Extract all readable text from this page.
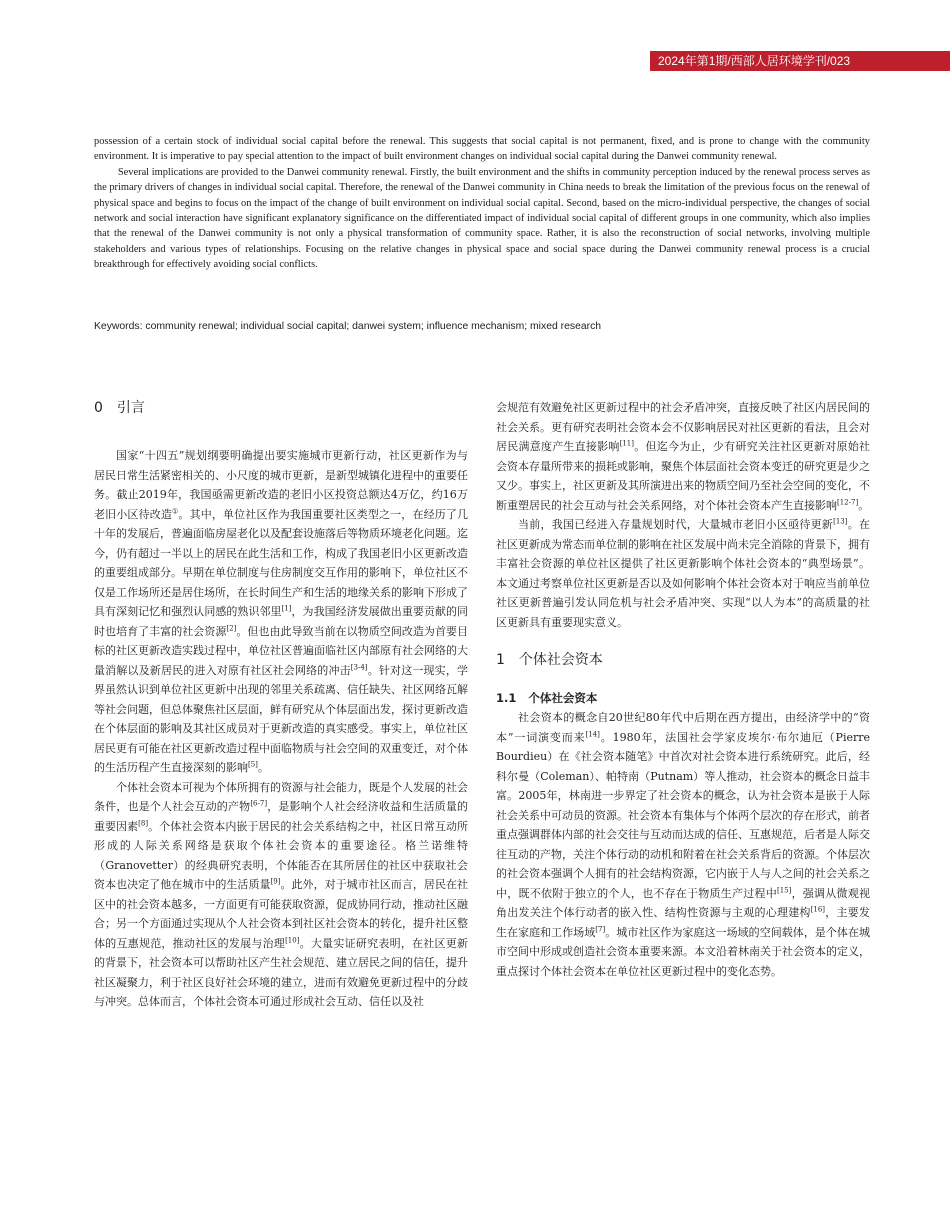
2024年第1期/西部人居环境学刊/023

possession of a certain stock of individual social capital before the renewal. This suggests that social capital is not permanent, fixed, and is prone to change with the community environment. It is imperative to pay special attention to the impact of built environment changes on individual social capital during the Danwei community renewal.

Several implications are provided to the Danwei community renewal. Firstly, the built environment and the shifts in community perception induced by the renewal process serves as the primary drivers of changes in individual social capital. Therefore, the renewal of the Danwei community in China needs to break the limitation of the previous focus on the renewal of physical space and begins to focus on the impact of the change of built environment on individual social capital. Second, based on the micro-individual perspective, the changes of social network and social interaction have significant explanatory significance on the differentiated impact of individual social capital of different groups in one community, which also implies that the renewal of the Danwei community is not only a physical transformation of community space. Rather, it is also the reconstruction of social networks, involving multiple stakeholders and various types of relationships. Focusing on the relative changes in physical space and social space during the Danwei community renewal process is a crucial breakthrough for effectively avoiding social conflicts.

Keywords: community renewal; individual social capital; danwei system; influence mechanism; mixed research
0 引言

国家“十四五”规划纲要明确提出要实施城市更新行动，社区更新作为与居民日常生活紧密相关的、小尺度的城市更新，是新型城镇化进程中的重要任务。截止2019年，我国亟需更新改造的老旧小区投资总额达4万亿，约16万老旧小区待改造①。其中，单位社区作为我国重要社区类型之一，在经历了几十年的发展后，普遍面临房屋老化以及配套设施落后等物质环境老化问题。迄今，仍有超过一半以上的居民在此生活和工作，构成了我国老旧小区更新改造的重要组成部分。早期在单位制度与住房制度交互作用的影响下，单位社区不仅是工作场所还是居住场所，在长时间生产和生活的地缘关系的影响下形成了具有深刻记忆和强烈认同感的熟识邻里[1]，为我国经济发展做出重要贡献的同时也培育了丰富的社会资源[2]。但也由此导致当前在以物质空间改造为首要目标的社区更新改造实践过程中，单位社区普遍面临社区内部原有社会网络的大量消解以及新居民的进入对原有社区社会网络的冲击[3-4]。针对这一现实，学界虽然认识到单位社区更新中出现的邻里关系疏离、信任缺失、社区网络瓦解等社会问题，但总体聚焦社区层面，鲜有研究从个体层面出发，探讨更新改造在个体层面的影响及其社区成员对于更新改造的真实感受。事实上，单位社区居民更有可能在社区更新改造过程中面临物质与社会空间的双重变迁，对个体的生活历程产生直接深刻的影响[5]。

个体社会资本可视为个体所拥有的资源与社会能力，既是个人发展的社会条件，也是个人社会互动的产物[6-7]，是影响个人社会经济收益和生活质量的重要因素[8]。个体社会资本内嵌于居民的社会关系结构之中，社区日常互动所形成的人际关系网络是获取个体社会资本的重要途径。格兰诺维特（Granovetter）的经典研究表明，个体能否在其所居住的社区中获取社会资本也决定了他在城市中的生活质量[9]。此外，对于城市社区而言，居民在社区中的社会资本越多，一方面更有可能获取资源，促成协同行动，推动社区融合；另一个方面通过实现从个人社会资本到社区社会资本的转化，提升社区整体的互惠规范，推动社区的发展与治理[10]。大量实证研究表明，在社区更新的背景下，社会资本可以帮助社区产生社会规范、建立居民之间的信任，提升社区凝聚力，利于社区良好社会环境的建立，进而有效避免更新过程中的分歧与冲突。总体而言，个体社会资本可通过形成社会互动、信任以及社

会规范有效避免社区更新过程中的社会矛盾冲突，直接反映了社区内居民间的社会关系。更有研究表明社会资本会不仅影响居民对社区更新的看法，且会对居民满意度产生直接影响[11]。但迄今为止，少有研究关注社区更新对原始社会资本存量所带来的损耗或影响，聚焦个体层面社会资本变迁的研究更是少之又少。事实上，社区更新及其所演进出来的物质空间乃至社会空间的变化，不断重塑居民的社会互动与社会关系网络，对个体社会资本产生直接影响[12-7]。

当前，我国已经进入存量规划时代，大量城市老旧小区亟待更新[13]。在社区更新成为常态而单位制的影响在社区发展中尚未完全消除的背景下，拥有丰富社会资源的单位社区提供了社区更新影响个体社会资本的“典型场景”。本文通过考察单位社区更新是否以及如何影响个体社会资本对于响应当前单位社区更新普遍引发认同危机与社会矛盾冲突、实现“以人为本”的高质量的社区更新具有重要现实意义。

1 个体社会资本
1.1 个体社会资本

社会资本的概念自20世纪80年代中后期在西方提出，由经济学中的“资本”一词演变而来[14]。1980年，法国社会学家皮埃尔·布尔迪厄（Pierre Bourdieu）在《社会资本随笔》中首次对社会资本进行系统研究。此后，经科尔曼（Coleman）、帕特南（Putnam）等人推动，社会资本的概念日益丰富。2005年，林南进一步界定了社会资本的概念，认为社会资本是嵌于人际社会关系中可动员的资源。社会资本有集体与个体两个层次的存在形式，前者重点强调群体内部的社会交往与互动而达成的信任、互惠规范，后者是人际交往互动的产物，关注个体行动的动机和附着在社会关系背后的资源。个体层次的社会资本强调个人拥有的社会结构资源，它内嵌于人与人之间的社会关系之中，既不依附于独立的个人，也不存在于物质生产过程中[15]，强调从微观视角出发关注个体行动者的嵌入性、结构性资源与主观的心理建构[16]，主要发生在家庭和工作场域[7]。城市社区作为家庭这一场域的空间载体，是个体在城市空间中形成或创造社会资本重要来源。本文沿着林南关于社会资本的定义，重点探讨个体社会资本在单位社区更新过程中的变化态势。
